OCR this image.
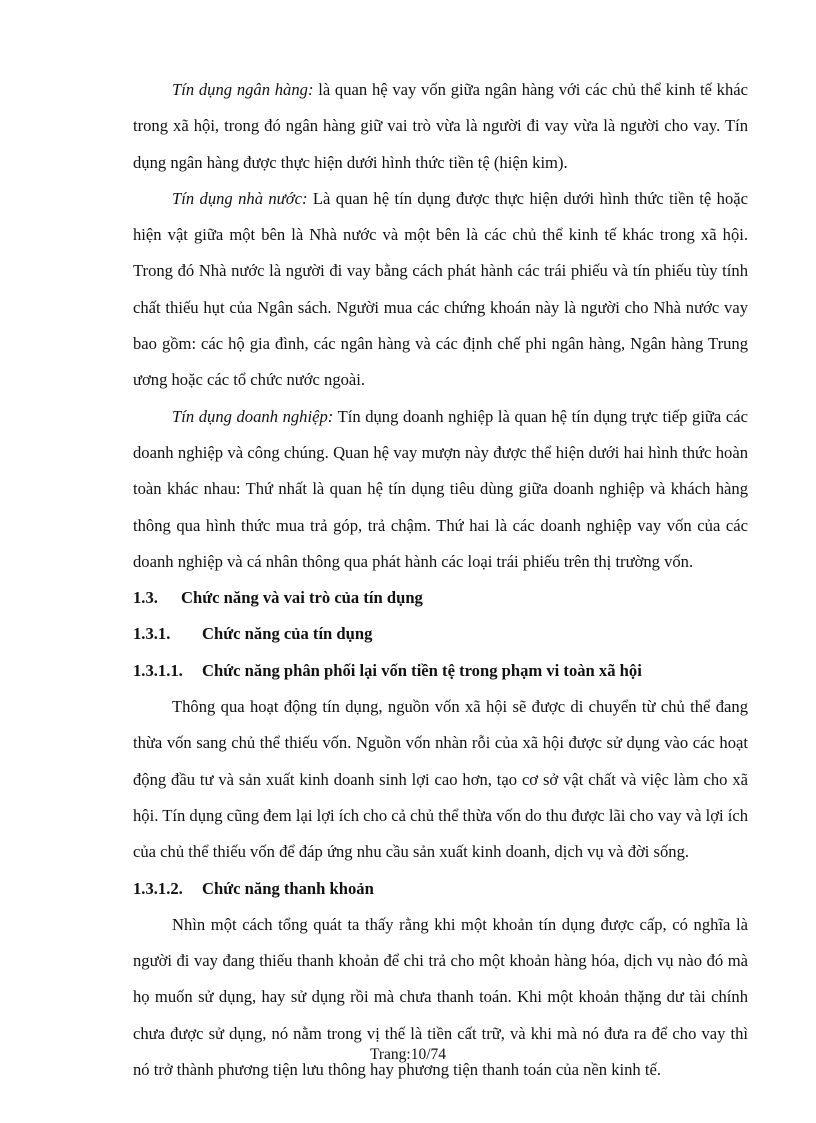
Tín dụng ngân hàng: là quan hệ vay vốn giữa ngân hàng với các chủ thể kinh tế khác trong xã hội, trong đó ngân hàng giữ vai trò vừa là người đi vay vừa là người cho vay. Tín dụng ngân hàng được thực hiện dưới hình thức tiền tệ (hiện kim).

Tín dụng nhà nước: Là quan hệ tín dụng được thực hiện dưới hình thức tiền tệ hoặc hiện vật giữa một bên là Nhà nước và một bên là các chủ thể kinh tế khác trong xã hội. Trong đó Nhà nước là người đi vay bằng cách phát hành các trái phiếu và tín phiếu tùy tính chất thiếu hụt của Ngân sách. Người mua các chứng khoán này là người cho Nhà nước vay bao gồm: các hộ gia đình, các ngân hàng và các định chế phi ngân hàng, Ngân hàng Trung ương hoặc các tổ chức nước ngoài.

Tín dụng doanh nghiệp: Tín dụng doanh nghiệp là quan hệ tín dụng trực tiếp giữa các doanh nghiệp và công chúng. Quan hệ vay mượn này được thể hiện dưới hai hình thức hoàn toàn khác nhau: Thứ nhất là quan hệ tín dụng tiêu dùng giữa doanh nghiệp và khách hàng thông qua hình thức mua trả góp, trả chậm. Thứ hai là các doanh nghiệp vay vốn của các doanh nghiệp và cá nhân thông qua phát hành các loại trái phiếu trên thị trường vốn.

1.3.	Chức năng và vai trò của tín dụng
1.3.1.	Chức năng của tín dụng
1.3.1.1.	Chức năng phân phối lại vốn tiền tệ trong phạm vi toàn xã hội

Thông qua hoạt động tín dụng, nguồn vốn xã hội sẽ được di chuyển từ chủ thể đang thừa vốn sang chủ thể thiếu vốn. Nguồn vốn nhàn rỗi của xã hội được sử dụng vào các hoạt động đầu tư và sản xuất kinh doanh sinh lợi cao hơn, tạo cơ sở vật chất và việc làm cho xã hội. Tín dụng cũng đem lại lợi ích cho cả chủ thể thừa vốn do thu được lãi cho vay và lợi ích của chủ thể thiếu vốn để đáp ứng nhu cầu sản xuất kinh doanh, dịch vụ và đời sống.

1.3.1.2.	Chức năng thanh khoản

Nhìn một cách tổng quát ta thấy rằng khi một khoản tín dụng được cấp, có nghĩa là người đi vay đang thiếu thanh khoản để chi trả cho một khoản hàng hóa, dịch vụ nào đó mà họ muốn sử dụng, hay sử dụng rồi mà chưa thanh toán. Khi một khoản thặng dư tài chính chưa được sử dụng, nó nằm trong vị thế là tiền cất trữ, và khi mà nó đưa ra để cho vay thì nó trở thành phương tiện lưu thông hay phương tiện thanh toán của nền kinh tế.

Trang:10/74
